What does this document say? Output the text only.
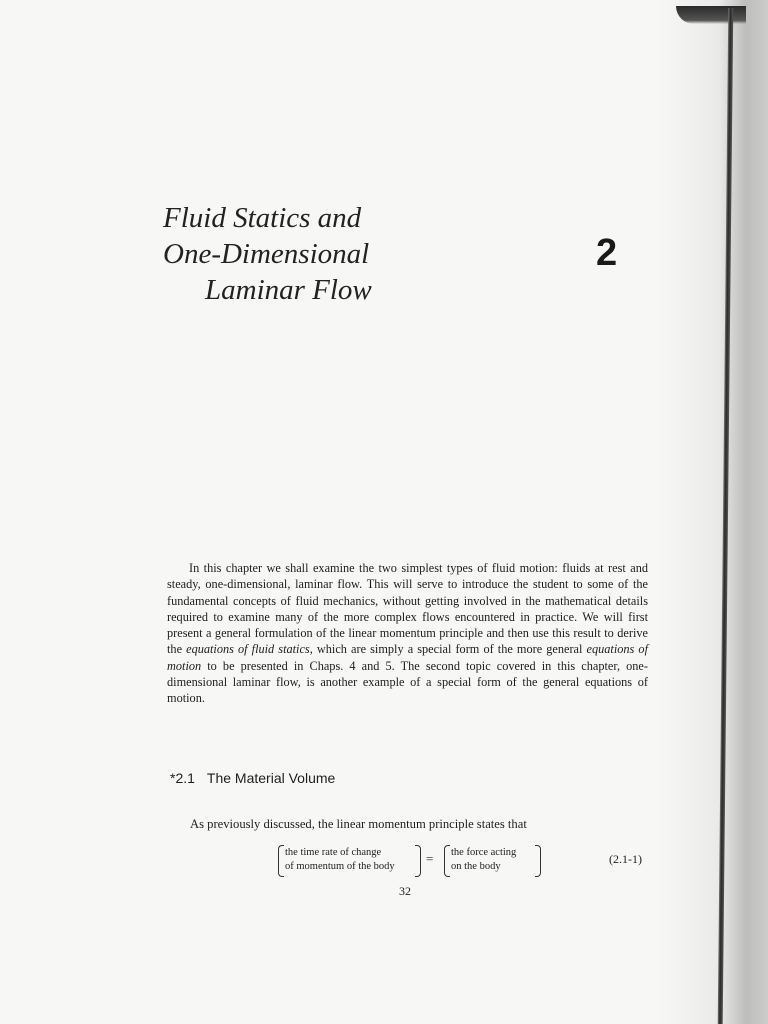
Fluid Statics and
One-Dimensional
Laminar Flow
2

In this chapter we shall examine the two simplest types of fluid motion: fluids at rest and steady, one-dimensional, laminar flow. This will serve to introduce the student to some of the fundamental concepts of fluid mechanics, without getting involved in the mathematical details required to examine many of the more complex flows encountered in practice. We will first present a general formulation of the linear momentum principle and then use this result to derive the equations of fluid statics, which are simply a special form of the more general equations of motion to be presented in Chaps. 4 and 5. The second topic covered in this chapter, one-dimensional laminar flow, is another example of a special form of the general equations of motion.

*2.1 The Material Volume
As previously discussed, the linear momentum principle states that
the time rate of change
of momentum of the body
= the force acting
on the body
(2.1-1)
32
